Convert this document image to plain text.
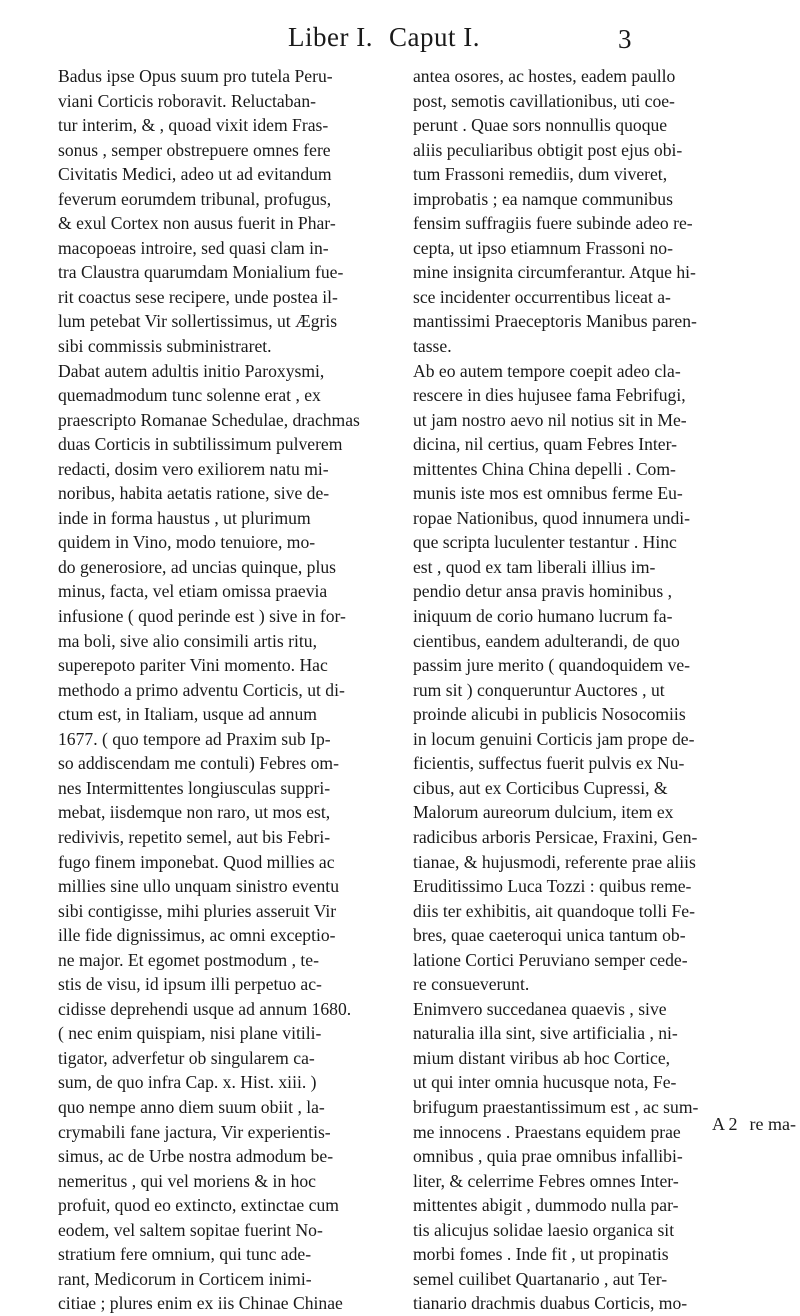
Liber I. Caput I.	3
Badus ipse Opus suum pro tutela Peru-
viani Corticis roboravit. Reluctaban-
tur interim, & , quoad vixit idem Fras-
sonus , semper obstrepuere omnes fere
Civitatis Medici, adeo ut ad evitandum
feverum eorumdem tribunal, profugus,
& exul Cortex non ausus fuerit in Phar-
macopoeas introire, sed quasi clam in-
tra Claustra quarumdam Monialium fue-
rit coactus sese recipere, unde postea il-
lum petebat Vir sollertissimus, ut Ægris
sibi commissis subministraret.
Dabat autem adultis initio Paroxysmi,
quemadmodum tunc solenne erat , ex
praescripto Romanae Schedulae, drachmas
duas Corticis in subtilissimum pulverem
redacti, dosim vero exiliorem natu mi-
noribus, habita aetatis ratione, sive de-
inde in forma haustus , ut plurimum
quidem in Vino, modo tenuiore, mo-
do generosiore, ad uncias quinque, plus
minus, facta, vel etiam omissa praevia
infusione ( quod perinde est ) sive in for-
ma boli, sive alio consimili artis ritu,
superepoto pariter Vini momento. Hac
methodo a primo adventu Corticis, ut di-
ctum est, in Italiam, usque ad annum
1677. ( quo tempore ad Praxim sub Ip-
so addiscendam me contuli) Febres om-
nes Intermittentes longiusculas suppri-
mebat, iisdemque non raro, ut mos est,
redivivis, repetito semel, aut bis Febri-
fugo finem imponebat. Quod millies ac
millies sine ullo unquam sinistro eventu
sibi contigisse, mihi pluries asseruit Vir
ille fide dignissimus, ac omni exceptio-
ne major. Et egomet postmodum , te-
stis de visu, id ipsum illi perpetuo ac-
cidisse deprehendi usque ad annum 1680.
( nec enim quispiam, nisi plane vitili-
tigator, adverfetur ob singularem ca-
sum, de quo infra Cap. x. Hist. xiii. )
quo nempe anno diem suum obiit , la-
crymabili fane jactura, Vir experientis-
simus, ac de Urbe nostra admodum be-
nemeritus , qui vel moriens & in hoc
profuit, quod eo extincto, extinctae cum
eodem, vel saltem sopitae fuerint No-
stratium fere omnium, qui tunc ade-
rant, Medicorum in Corticem inimi-
citiae ; plures enim ex iis Chinae Chinae
antea osores, ac hostes, eadem paullo
post, semotis cavillationibus, uti coe-
perunt . Quae sors nonnullis quoque
aliis peculiaribus obtigit post ejus obi-
tum Frassoni remediis, dum viveret,
improbatis ; ea namque communibus
fensim suffragiis fuere subinde adeo re-
cepta, ut ipso etiamnum Frassoni no-
mine insignita circumferantur. Atque hi-
sce incidenter occurrentibus liceat a-
mantissimi Praeceptoris Manibus paren-
tasse.
Ab eo autem tempore coepit adeo cla-
rescere in dies hujusee fama Febrifugi,
ut jam nostro aevo nil notius sit in Me-
dicina, nil certius, quam Febres Inter-
mittentes China China depelli . Com-
munis iste mos est omnibus ferme Eu-
ropae Nationibus, quod innumera undi-
que scripta luculenter testantur . Hinc
est , quod ex tam liberali illius im-
pendio detur ansa pravis hominibus ,
iniquum de corio humano lucrum fa-
cientibus, eandem adulterandi, de quo
passim jure merito ( quandoquidem ve-
rum sit ) conqueruntur Auctores , ut
proinde alicubi in publicis Nosocomiis
in locum genuini Corticis jam prope de-
ficientis, suffectus fuerit pulvis ex Nu-
cibus, aut ex Corticibus Cupressi, &
Malorum aureorum dulcium, item ex
radicibus arboris Persicae, Fraxini, Gen-
tianae, & hujusmodi, referente prae aliis
Eruditissimo Luca Tozzi : quibus reme-
diis ter exhibitis, ait quandoque tolli Fe-
bres, quae caeteroqui unica tantum ob-
latione Cortici Peruviano semper cede-
re consueverunt.
Enimvero succedanea quaevis , sive
naturalia illa sint, sive artificialia , ni-
mium distant viribus ab hoc Cortice,
ut qui inter omnia hucusque nota, Fe-
brifugum praestantissimum est , ac sum-
me innocens . Praestans equidem prae
omnibus , quia prae omnibus infallibi-
liter, & celerrime Febres omnes Inter-
mittentes abigit , dummodo nulla par-
tis alicujus solidae laesio organica sit
morbi fomes . Inde fit , ut propinatis
semel cuilibet Quartanario , aut Ter-
tianario drachmis duabus Corticis, mo-
A 2 re ma-
